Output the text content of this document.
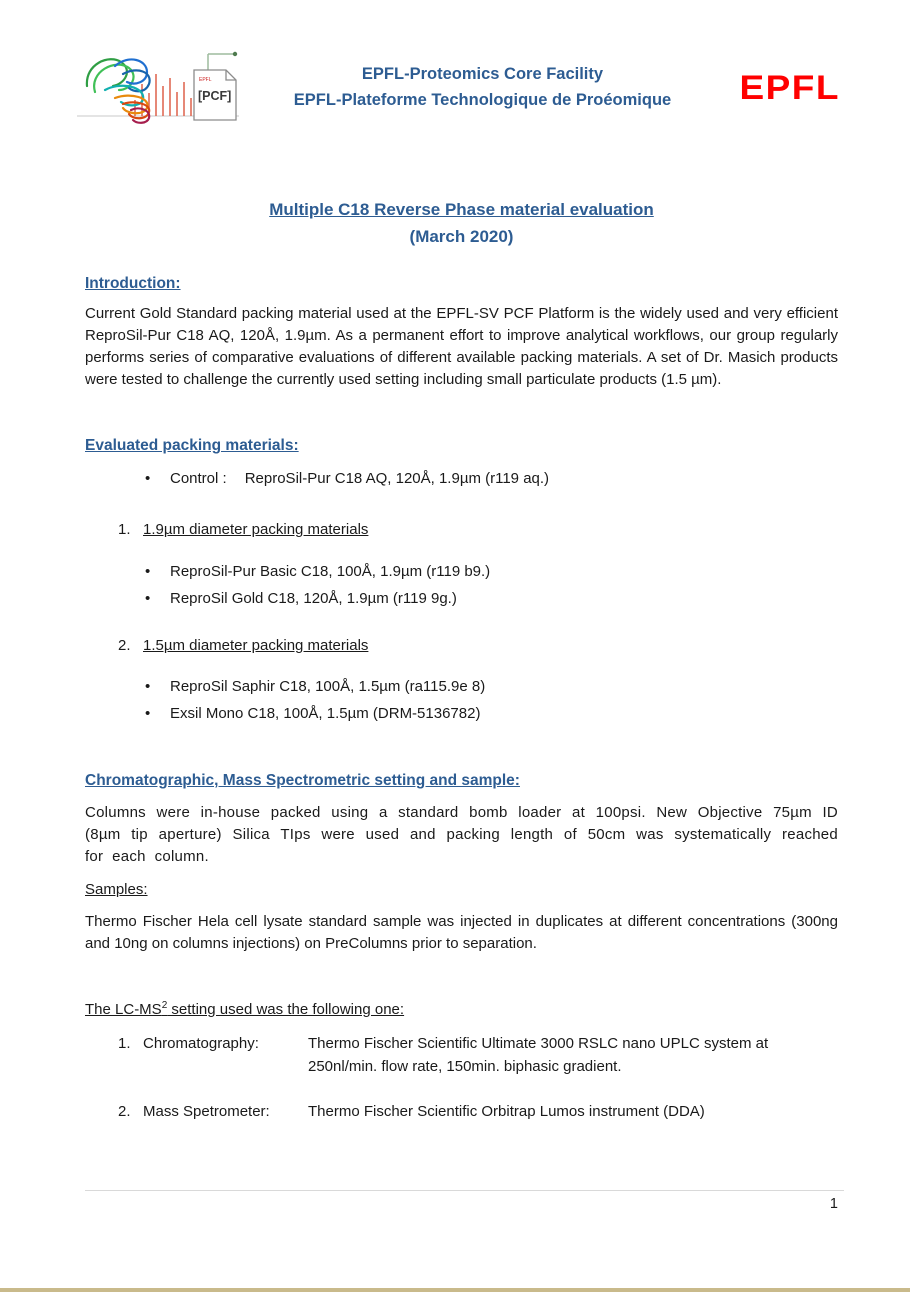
EPFL
[PCF]
EPFL-Proteomics Core Facility
EPFL-Plateforme Technologique de Proéomique	EPFL
Multiple C18 Reverse Phase material evaluation
(March 2020)
Introduction:
Current Gold Standard packing material used at the EPFL-SV PCF Platform is the widely used and very efficient ReproSil-Pur C18 AQ, 120Å, 1.9µm. As a permanent effort to improve analytical workflows, our group regularly performs series of comparative evaluations of different available packing materials. A set of Dr. Masich products were tested to challenge the currently used setting including small particulate products (1.5 µm).
Evaluated packing materials:
•	Control : ReproSil-Pur C18 AQ, 120Å, 1.9µm (r119 aq.)
1. 1.9µm diameter packing materials
•	ReproSil-Pur Basic C18, 100Å, 1.9µm (r119 b9.)
•	ReproSil Gold C18, 120Å, 1.9µm (r119 9g.)
2. 1.5µm diameter packing materials
•	ReproSil Saphir C18, 100Å, 1.5µm (ra115.9e 8)
•	Exsil Mono C18, 100Å, 1.5µm (DRM-5136782)
Chromatographic, Mass Spectrometric setting and sample:
Columns were in-house packed using a standard bomb loader at 100psi. New Objective 75µm ID (8µm tip aperture) Silica TIps were used and packing length of 50cm was systematically reached for each column.
Samples:
Thermo Fischer Hela cell lysate standard sample was injected in duplicates at different concentrations (300ng and 10ng on columns injections) on PreColumns prior to separation.
The $LC-MS^2$ setting used was the following one:
1. Chromatography:	Thermo Fischer Scientific Ultimate 3000 RSLC nano UPLC system at 250nl/min. flow rate, 150min. biphasic gradient.
2. Mass Spetrometer:	Thermo Fischer Scientific Orbitrap Lumos instrument (DDA)
1
